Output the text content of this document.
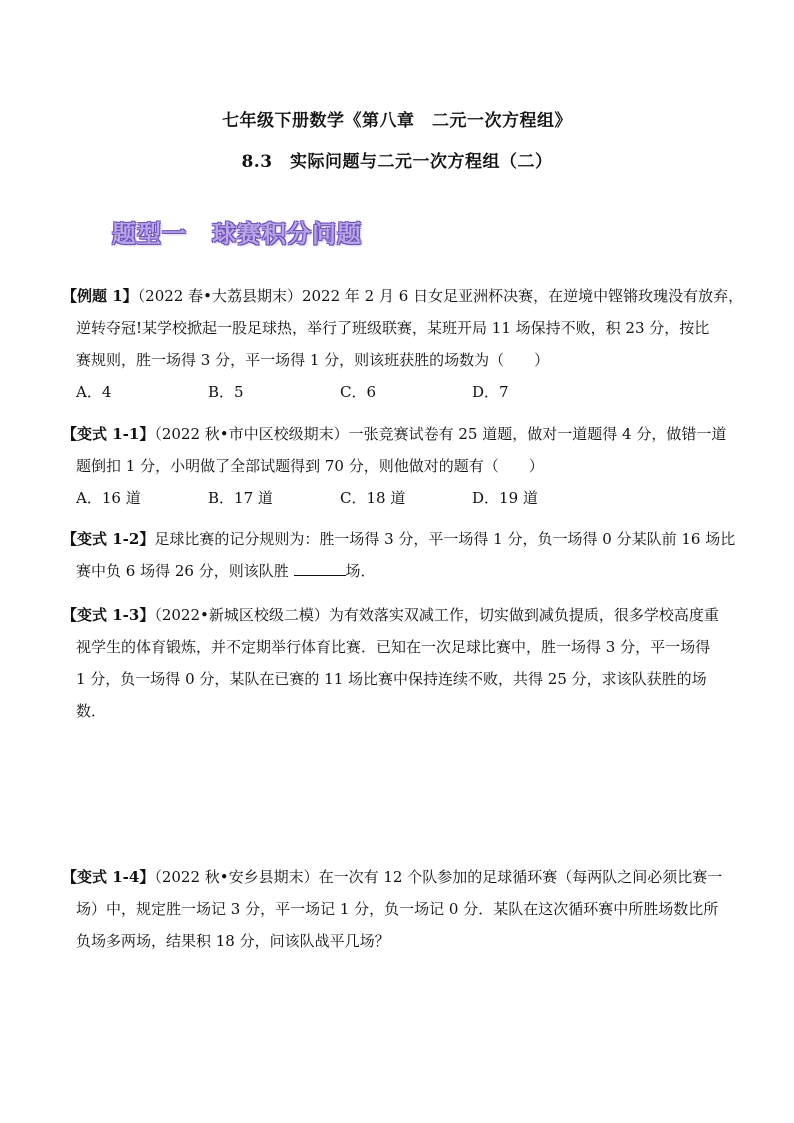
七年级下册数学《第八章　二元一次方程组》
8.3　实际问题与二元一次方程组（二）
题型一　球赛积分问题
【例题 1】（2022 春•大荔县期末）2022 年 2 月 6 日女足亚洲杯决赛，在逆境中铿锵玫瑰没有放弃，
逆转夺冠!某学校掀起一股足球热，举行了班级联赛，某班开局 11 场保持不败，积 23 分，按比
赛规则，胜一场得 3 分，平一场得 1 分，则该班获胜的场数为（　　）
A．4	B．5	C．6	D．7
【变式 1-1】（2022 秋•市中区校级期末）一张竞赛试卷有 25 道题，做对一道题得 4 分，做错一道
题倒扣 1 分，小明做了全部试题得到 70 分，则他做对的题有（　　）
A．16 道	B．17 道	C．18 道	D．19 道
【变式 1-2】足球比赛的记分规则为：胜一场得 3 分，平一场得 1 分，负一场得 0 分某队前 16 场比
赛中负 6 场得 26 分，则该队胜	场．
【变式 1-3】（2022•新城区校级二模）为有效落实双减工作，切实做到减负提质，很多学校高度重
视学生的体育锻炼，并不定期举行体育比赛．已知在一次足球比赛中，胜一场得 3 分，平一场得
1 分，负一场得 0 分，某队在已赛的 11 场比赛中保持连续不败，共得 25 分，求该队获胜的场
数．
【变式 1-4】（2022 秋•安乡县期末）在一次有 12 个队参加的足球循环赛（每两队之间必须比赛一
场）中，规定胜一场记 3 分，平一场记 1 分，负一场记 0 分．某队在这次循环赛中所胜场数比所
负场多两场，结果积 18 分，问该队战平几场？
